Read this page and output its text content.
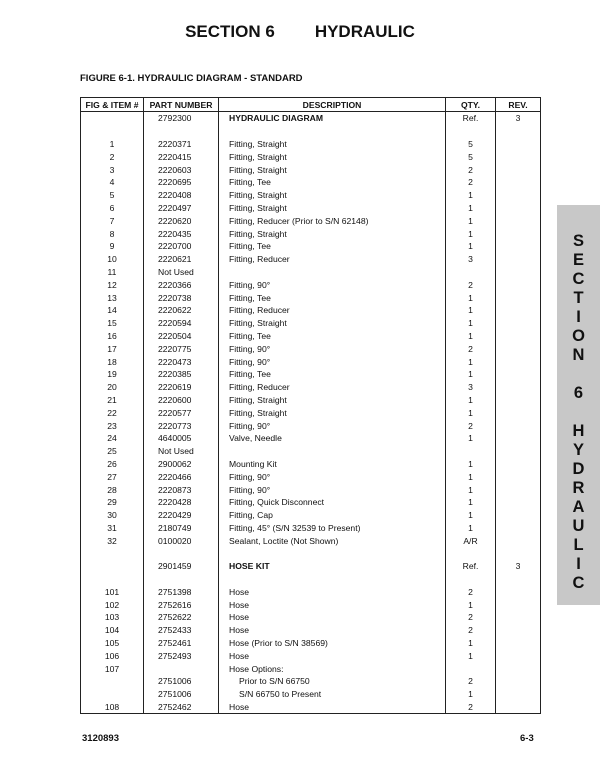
SECTION 6 HYDRAULIC
FIGURE 6-1. HYDRAULIC DIAGRAM - STANDARD
FIG & ITEM #	PART NUMBER	DESCRIPTION	QTY.	REV.
	2792300	HYDRAULIC DIAGRAM	Ref.	3

1	2220371	Fitting, Straight	5	
2	2220415	Fitting, Straight	5	
3	2220603	Fitting, Straight	2	
4	2220695	Fitting, Tee	2	
5	2220408	Fitting, Straight	1	
6	2220497	Fitting, Straight	1	
7	2220620	Fitting, Reducer (Prior to S/N 62148)	1	
8	2220435	Fitting, Straight	1	
9	2220700	Fitting, Tee	1	
10	2220621	Fitting, Reducer	3	
11	Not Used			
12	2220366	Fitting, 90°	2	
13	2220738	Fitting, Tee	1	
14	2220622	Fitting, Reducer	1	
15	2220594	Fitting, Straight	1	
16	2220504	Fitting, Tee	1	
17	2220775	Fitting, 90°	2	
18	2220473	Fitting, 90°	1	
19	2220385	Fitting, Tee	1	
20	2220619	Fitting, Reducer	3	
21	2220600	Fitting, Straight	1	
22	2220577	Fitting, Straight	1	
23	2220773	Fitting, 90°	2	
24	4640005	Valve, Needle	1	
25	Not Used			
26	2900062	Mounting Kit	1	
27	2220466	Fitting, 90°	1	
28	2220873	Fitting, 90°	1	
29	2220428	Fitting, Quick Disconnect	1	
30	2220429	Fitting, Cap	1	
31	2180749	Fitting, 45° (S/N 32539 to Present)	1	
32	0100020	Sealant, Loctite (Not Shown)	A/R	

	2901459	HOSE KIT	Ref.	3

101	2751398	Hose	2	
102	2752616	Hose	1	
103	2752622	Hose	2	
104	2752433	Hose	2	
105	2752461	Hose (Prior to S/N 38569)	1	
106	2752493	Hose	1	
107		Hose Options:		
	2751006	Prior to S/N 66750	2	
	2751006	S/N 66750 to Present	1	
108	2752462	Hose	2	
S
E
C
T
I
O
N
6
H
Y
D
R
A
U
L
I
C
3120893	6-3
